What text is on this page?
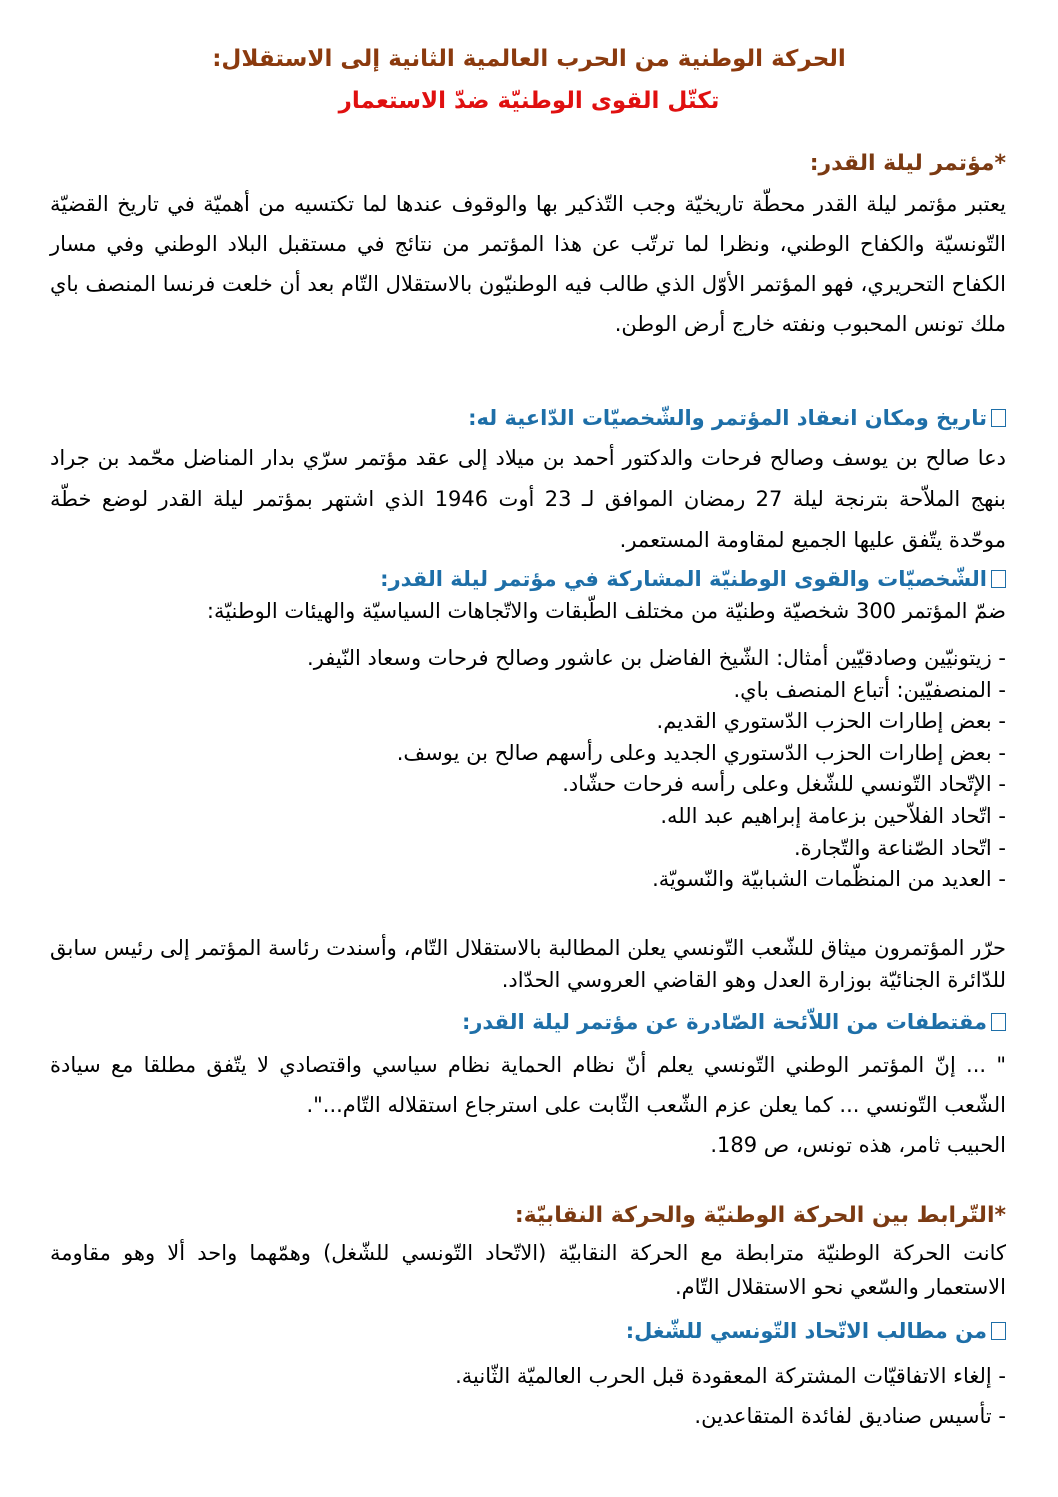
الحركة الوطنية من الحرب العالمية الثانية إلى الاستقلال:
تكتّل القوى الوطنيّة ضدّ الاستعمار

*مؤتمر ليلة القدر:

يعتبر مؤتمر ليلة القدر محطّة تاريخيّة وجب التّذكير بها والوقوف عندها لما تكتسيه من أهميّة في تاريخ القضيّة التّونسيّة والكفاح الوطني، ونظرا لما ترتّب عن هذا المؤتمر من نتائج في مستقبل البلاد الوطني وفي مسار الكفاح التحريري، فهو المؤتمر الأوّل الذي طالب فيه الوطنيّون بالاستقلال التّام بعد أن خلعت فرنسا المنصف باي ملك تونس المحبوب ونفته خارج أرض الوطن.

تاريخ ومكان انعقاد المؤتمر والشّخصيّات الدّاعية له:

دعا صالح بن يوسف وصالح فرحات والدكتور أحمد بن ميلاد إلى عقد مؤتمر سرّي بدار المناضل محّمد بن جراد بنهج الملاّحة بترنجة ليلة 27 رمضان الموافق لـ 23 أوت 1946 الذي اشتهر بمؤتمر ليلة القدر لوضع خطّة موحّدة يتّفق عليها الجميع لمقاومة المستعمر.

الشّخصيّات والقوى الوطنيّة المشاركة في مؤتمر ليلة القدر:

ضمّ المؤتمر 300 شخصيّة وطنيّة من مختلف الطّبقات والاتّجاهات السياسيّة والهيئات الوطنيّة:

- زيتونيّين وصادقيّين أمثال: الشّيخ الفاضل بن عاشور وصالح فرحات وسعاد النّيفر.

- المنصفيّين: أتباع المنصف باي.

- بعض إطارات الحزب الدّستوري القديم.

- بعض إطارات الحزب الدّستوري الجديد وعلى رأسهم صالح بن يوسف.

- الإتّحاد التّونسي للشّغل وعلى رأسه فرحات حشّاد.

- اتّحاد الفلاّحين بزعامة إبراهيم عبد الله.

- اتّحاد الصّناعة والتّجارة.

- العديد من المنظّمات الشبابيّة والنّسويّة.

حرّر المؤتمرون ميثاق للشّعب التّونسي يعلن المطالبة بالاستقلال التّام، وأسندت رئاسة المؤتمر إلى رئيس سابق للدّائرة الجنائيّة بوزارة العدل وهو القاضي العروسي الحدّاد.

مقتطفات من اللاّئحة الصّادرة عن مؤتمر ليلة القدر:

" ... إنّ المؤتمر الوطني التّونسي يعلم أنّ نظام الحماية نظام سياسي واقتصادي لا يتّفق مطلقا مع سيادة الشّعب التّونسي ... كما يعلن عزم الشّعب الثّابت على استرجاع استقلاله التّام...".

الحبيب ثامر، هذه تونس، ص 189.

*التّرابط بين الحركة الوطنيّة والحركة النقابيّة:

كانت الحركة الوطنيّة مترابطة مع الحركة النقابيّة (الاتّحاد التّونسي للشّغل) وهمّهما واحد ألا وهو مقاومة الاستعمار والسّعي نحو الاستقلال التّام.

من مطالب الاتّحاد التّونسي للشّغل:

- إلغاء الاتفاقيّات المشتركة المعقودة قبل الحرب العالميّة الثّانية.

- تأسيس صناديق لفائدة المتقاعدين.
